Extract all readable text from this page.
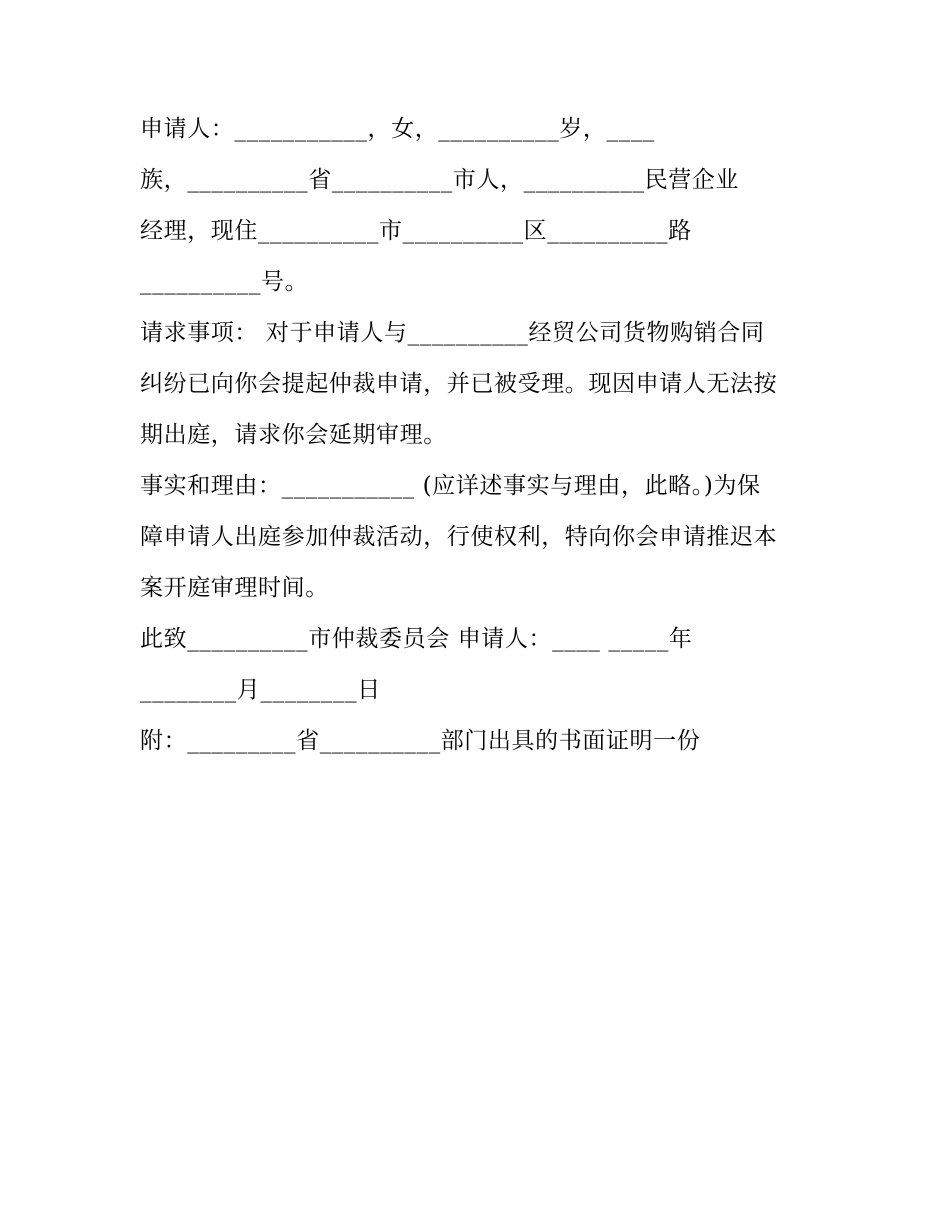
申请人：___________，女，__________岁，____
族，__________省__________市人，__________民营企业
经理，现住__________市__________区__________路
__________号。
请求事项： 对于申请人与__________经贸公司货物购销合同
纠纷已向你会提起仲裁申请，并已被受理。现因申请人无法按
期出庭，请求你会延期审理。
事实和理由：___________ (应详述事实与理由，此略。)为保
障申请人出庭参加仲裁活动，行使权利，特向你会申请推迟本
案开庭审理时间。
此致__________市仲裁委员会 申请人：____ _____年
________月________日
附：_________省__________部门出具的书面证明一份
